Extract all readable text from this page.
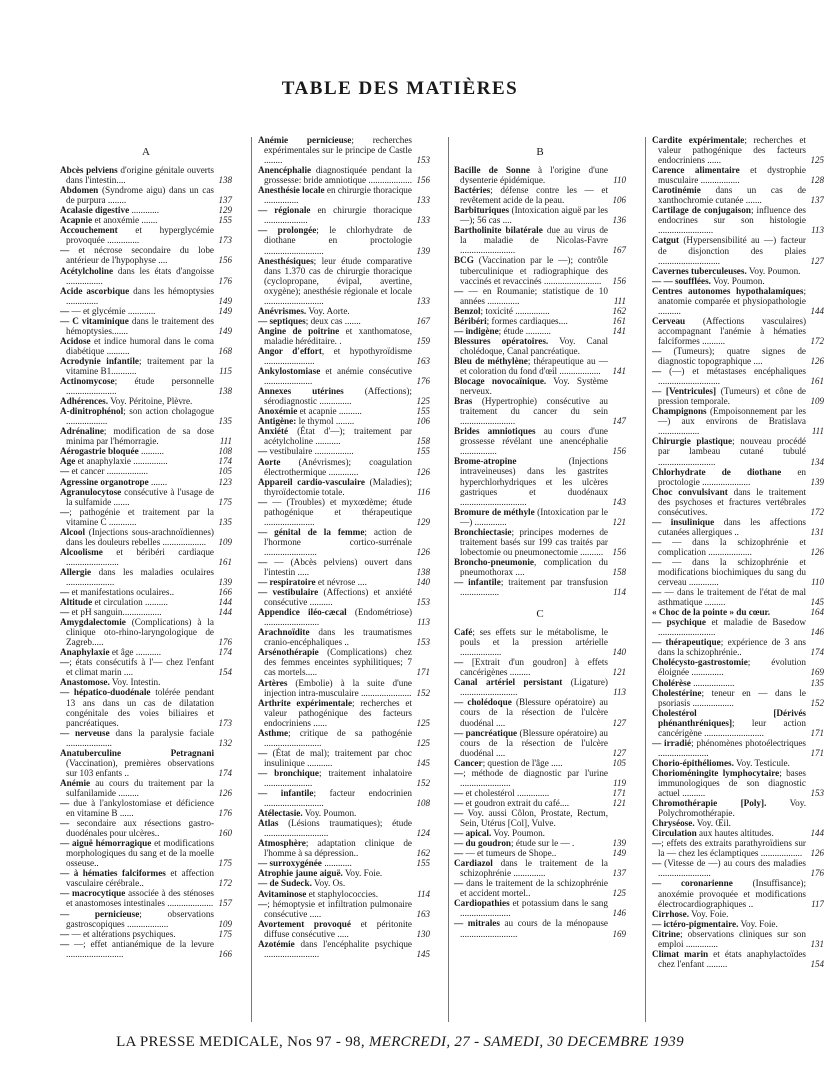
TABLE DES MATIÈRES
A
Abcès pelviens d'origine génitale ouverts dans l'intestin....	138
Abdomen (Syndrome aigu) dans un cas de purpura ........	137
Acalasie digestive ............	129
Acapnie et anoxémie .......	155
Accouchement et hyperglycémie provoquée ..............	173
— et nécrose secondaire du lobe antérieur de l'hypophyse ....	156
Acétylcholine dans les états d'angoisse ................	176
Acide ascorbique dans les hémoptysies ..............	149
— — et glycémie ............	149
— C vitaminique dans le traitement des hémoptysies.......	149
Acidose et indice humoral dans le coma diabétique ..........	168
Acrodynie infantile; traitement par la vitamine B1...........	115
Actinomycose; étude personnelle ......................	138
Adhérences. Voy. Péritoine, Plèvre.
A-dinitrophénol; son action cholagogue ..................	135
Adrénaline; modification de sa dose minima par l'hémorragie.	111
Aérogastrie bloquée ..........	108
Age et anaphylaxie ...............	174
— et cancer ..................	105
Agressine organotrope .......	123
Agranulocytose consécutive à l'usage de la sulfamide .......	175
—; pathogénie et traitement par la vitamine C ............	135
Alcool (Injections sous-arachnoïdiennes) dans les douleurs rebelles ................... 109
Alcoolisme et béribéri cardiaque .......................	161
Allergie dans les maladies oculaires .....................	139
— et manifestations oculaires..	166
Altitude et circulation ..........	144
— et pH sanguin.................	144
Amygdalectomie (Complications) à la clinique oto-rhino-laryngologique de Zagreb.....	176
Anaphylaxie et âge ...........	174
—; états consécutifs à l'— chez l'enfant et climat marin ....	154
Anastomose. Voy. Intestin.
— hépatico-duodénale tolérée pendant 13 ans dans un cas de dilatation congénitale des voies biliaires et pancréatiques.	173
— nerveuse dans la paralysie faciale ....................	132
Anatuberculine Petragnani (Vaccination), premières observations sur 103 enfants ..	174
Anémie au cours du traitement par la sulfanilamide .........	126
— due à l'ankylostomiase et déficience en vitamine B ......	176
— secondaire aux résections gastro-duodénales pour ulcères..	160
— aiguë hémorragique et modifications morphologiques du sang et de la moelle osseuse..	175
— à hématies falciformes et affection vasculaire cérébrale..	172
— macrocytique associée à des sténoses et anastomoses intestinales .................... 157
— pernicieuse; observations gastroscopiques ..................	109
— — et altérations psychiques.	175
— —; effet antianémique de la levure .........................	166
Anémie pernicieuse; recherches expérimentales sur le principe de Castle ........	153
Anencéphalie diagnostiquée pendant la grossesse: bride amniotique ................... 156
Anesthésie locale en chirurgie thoracique ...............	133
— régionale en chirurgie thoracique ...................	133
— prolongée; le chlorhydrate de diothane en proctologie ..........................	139
Anesthésiques; leur étude comparative dans 1.370 cas de chirurgie thoracique (cyclopropane, évipal, avertine, oxygène); anesthésie régionale et locale ..........................	133
Anévrismes. Voy. Aorte.
— septiques; deux cas .......	167
Angine de poitrine et xanthomatose, maladie héréditaire. .	159
Angor d'effort, et hypothyroïdisme ......................	163
Ankylostomiase et anémie consécutive .....................	176
Annexes utérines (Affections); sérodiagnostic ..............	125
Anoxémie et acapnie ..........	155
Antigène: le thymol ........	106
Anxiété (État d'—); traitement par acétylcholine ...........	158
— vestibulaire .................	155
Aorte (Anévrismes); coagulation électrothermique .............	126
Appareil cardio-vasculaire (Maladies); thyroïdectomie totale.	116
— — (Troubles) et myxœdème; étude pathogénique et thérapeutique ......................	129
— génital de la femme; action de l'hormone cortico-surrénale .......................	126
— — (Abcès pelviens) ouvert dans l'intestin .....	138
— respiratoire et névrose ....	140
— vestibulaire (Affections) et anxiété consécutive ..........	153
Appendice iléo-cæcal (Endométriose) ........................	113
Arachnoïdite dans les traumatismes cranio-encéphaliques ..	153
Arsénothérapie (Complications) chez des femmes enceintes syphilitiques; 7 cas mortels.....	171
Artères (Embolie) à la suite d'une injection intra-musculaire ...................... 152
Arthrite expérimentale; recherches et valeur pathogénique des facteurs endocriniens ......	125
Asthme; critique de sa pathogénie .........................	125
— (État de mal); traitement par choc insulinique ...........	145
— bronchique; traitement inhalatoire .....................	152
— infantile; facteur endocrinien ..........................	108
Atélectasie. Voy. Poumon.
Atlas (Lésions traumatiques); étude ............................	124
Atmosphère; adaptation clinique de l'homme à sa dépression..	162
— surroxygénée ............	155
Atrophie jaune aiguë. Voy. Foie.
— de Sudeck. Voy. Os.
Avitaminose et staphylococcies.	114
—; hémoptysie et infiltration pulmonaire consécutive .....	163
Avortement provoqué et péritonite diffuse consécutive .....	130
Azotémie dans l'encéphalite psychique ........................	145
B
Bacille de Sonne à l'origine d'une dysenterie épidémique.	110
Bactéries; défense contre les — et revêtement acide de la peau.	106
Barbituriques (Intoxication aiguë par les —); 56 cas ....	136
Bartholinite bilatérale due au virus de la maladie de Nicolas-Favre ........................	167
BCG (Vaccination par le —); contrôle tuberculinique et radiographique des vaccinés et revaccinés ......................... 156
— — en Roumanie; statistique de 10 années ..............	111
Benzol; toxicité ...............	162
Béribéri; formes cardiaques....	161
— indigène; étude ...........	141
Blessures opératoires. Voy. Canal cholédoque, Canal pancréatique.
Bleu de méthylène; thérapeutique au — et coloration du fond d'œil .................. 141
Blocage novocaïnique. Voy. Système nerveux.
Bras (Hypertrophie) consécutive au traitement du cancer du sein ........................	147
Brides amniotiques au cours d'une grossesse révélant une anencéphalie ................	156
Brome-atropine (Injections intraveineuses) dans les gastrites hyperchlorhydriques et les ulcères gastriques et duodénaux .............................	143
Bromure de méthyle (Intoxication par le —) ..............	121
Bronchiectasie; principes modernes de traitement basés sur 199 cas traités par lobectomie ou pneumonectomie .......... 156
Broncho-pneumonie, complication du pneumothorax ....	158
— infantile; traitement par transfusion .................	114
C
Café; ses effets sur le métabolisme, le pouls et la pression artérielle ..................	140
— [Extrait d'un goudron] à effets cancérigènes .........	121
Canal artériel persistant (Ligature) .........................	113
— cholédoque (Blessure opératoire) au cours de la résection de l'ulcère duodénal ....	127
— pancréatique (Blessure opératoire) au cours de la résection de l'ulcère duodénal ....	127
Cancer; question de l'âge .....	105
—; méthode de diagnostic par l'urine ......................	119
— et cholestérol ..............	171
— et goudron extrait du café....	121
— Voy. aussi Côlon, Prostate, Rectum, Sein, Utérus [Col], Vulve.
— apical. Voy. Poumon.
— du goudron; étude sur le — .	139
— — et tumeurs de Shope..	149
Cardiazol dans le traitement de la schizophrénie ..............	137
— dans le traitement de la schizophrénie et accident mortel..	125
Cardiopathies et potassium dans le sang ......................	146
— mitrales au cours de la ménopause .........................	169
Cardite expérimentale; recherches et valeur pathogénique des facteurs endocriniens ......	125
Carence alimentaire et dystrophie musculaire .................	128
Carotinémie dans un cas de xanthochromie cutanée .......	137
Cartilage de conjugaison; influence des endocrines sur son histologie ........................	113
Catgut (Hypersensibilité au —) facteur de disjonction des plaies ...........................	127
Cavernes tuberculeuses. Voy. Poumon.
— — soufflées. Voy. Poumon.
Centres autonomes hypothalamiques; anatomie comparée et physiopathologie ..........	144
Cerveau (Affections vasculaires) accompagnant l'anémie à hématies falciformes ..........	172
— (Tumeurs); quatre signes de diagnostic topographique ....	126
— (—) et métastases encéphaliques ...........................	161
— [Ventricules] (Tumeurs) et cône de pression temporale.	109
Champignons (Empoisonnement par les —) aux environs de Bratislava ..................	111
Chirurgie plastique; nouveau procédé par lambeau cutané tubulé .........................	134
Chlorhydrate de diothane en proctologie .....................	139
Choc convulsivant dans le traitement des psychoses et fractures vertébrales consécutives.	172
— insulinique dans les affections cutanées allergiques ..	131
— — dans la schizophrénie et complication ...................	126
— — dans la schizophrénie et modifications biochimiques du sang du cerveau .............	110
— — dans le traitement de l'état de mal asthmatique .........	145
« Choc de la pointe » du cœur.	164
— psychique et maladie de Basedow .........................	146
— thérapeutique; expérience de 3 ans dans la schizophrénie..	174
Cholécysto-gastrostomie; évolution éloignée ..............	169
Cholérèse ..................	135
Cholestérine; teneur en — dans le psoriasis ..................	152
Cholestérol [Dérivés phénanthréniques]; leur action cancérigène ..........................	171
— irradié; phénomènes photoélectriques ......................	171
Chorio-épithéliomes. Voy. Testicule.
Chorioméningite lymphocytaire; bases immunologiques de son diagnostic actuel ..........	153
Chromothérapie [Poly]. Voy. Polychromothérapie.
Chryséose. Voy. Œil.
Circulation aux hautes altitudes.	144
—; effets des extraits parathyroïdiens sur la — chez les éclamptiques .................. 126
— (Vitesse de —) au cours des maladies .......................	176
— coronarienne (Insuffisance); anoxémie provoquée et modifications électrocardiographiques ..	117
Cirrhose. Voy. Foie.
— ictéro-pigmentaire. Voy. Foie.
Citrine; observations cliniques sur son emploi ..............	131
Climat marin et états anaphylactoïdes chez l'enfant .........	154
LA PRESSE MEDICALE, Nos 97 - 98, MERCREDI, 27 - SAMEDI, 30 DECEMBRE 1939
